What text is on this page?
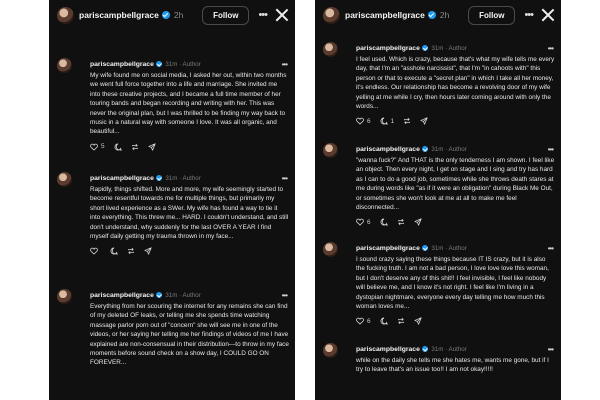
pariscampbellgrace 2h	Follow	•••
pariscampbellgrace 31m · Author	•••
My wife found me on social media, I asked her out, within two months we went full force together into a life and marriage. She invited me into these creative projects, and I became a full time member of her touring bands and began recording and writing with her. This was never the original plan, but I was thrilled to be finding my way back to music in a natural way with someone I love. It was all organic, and beautiful...
5
pariscampbellgrace 31m · Author	•••
Rapidly, things shifted. More and more, my wife seemingly started to become resentful towards me for multiple things, but primarily my short lived experience as a SWer. My wife has found a way to tie it into everything. This threw me... HARD. I couldn't understand, and still don't understand, why suddenly for the last OVER A YEAR I find myself daily getting my trauma thrown in my face...
pariscampbellgrace 31m · Author	•••
Everything from her scouring the internet for any remains she can find of my deleted OF leaks, or telling me she spends time watching massage parlor porn out of "concern" she will see me in one of the videos, or her saying her telling me her findings of videos of me I have explained are non-consensual in their distribution—to throw in my face moments before sound check on a show day, I COULD GO ON FOREVER...
pariscampbellgrace 2h	Follow	•••
pariscampbellgrace 31m · Author	•••
I feel used. Which is crazy, because that's what my wife tells me every day, that I'm an "asshole narcissist", that I'm "in cahoots with" this person or that to execute a "secret plan" in which I take all her money, it's endless. Our relationship has become a revolving door of my wife yelling at me while I cry, then hours later coming around with only the words...
6	1
pariscampbellgrace 31m · Author	•••
"wanna fuck?" And THAT is the only tenderness I am shown. I feel like an object. Then every night, I get on stage and I sing and try has hard as I can to do a good job, sometimes while she throws death stares at me during words like "as if it were an obligation" during Black Me Out, or sometimes she won't look at me at all to make me feel disconnected...
6
pariscampbellgrace 31m · Author	•••
I sound crazy saying these things because IT IS crazy, but it is also the fucking truth. I am not a bad person, I love love love this woman, but I don't deserve any of this shit!! I feel invisible, I feel like nobody will believe me, and I know it's not right. I feel like I'm living in a dystopian nightmare, everyone every day telling me how much this woman loves me...
6
pariscampbellgrace 31m · Author	•••
while on the daily she tells me she hates me, wants me gone, but if I try to leave that's an issue too!! I am not okay!!!!!
